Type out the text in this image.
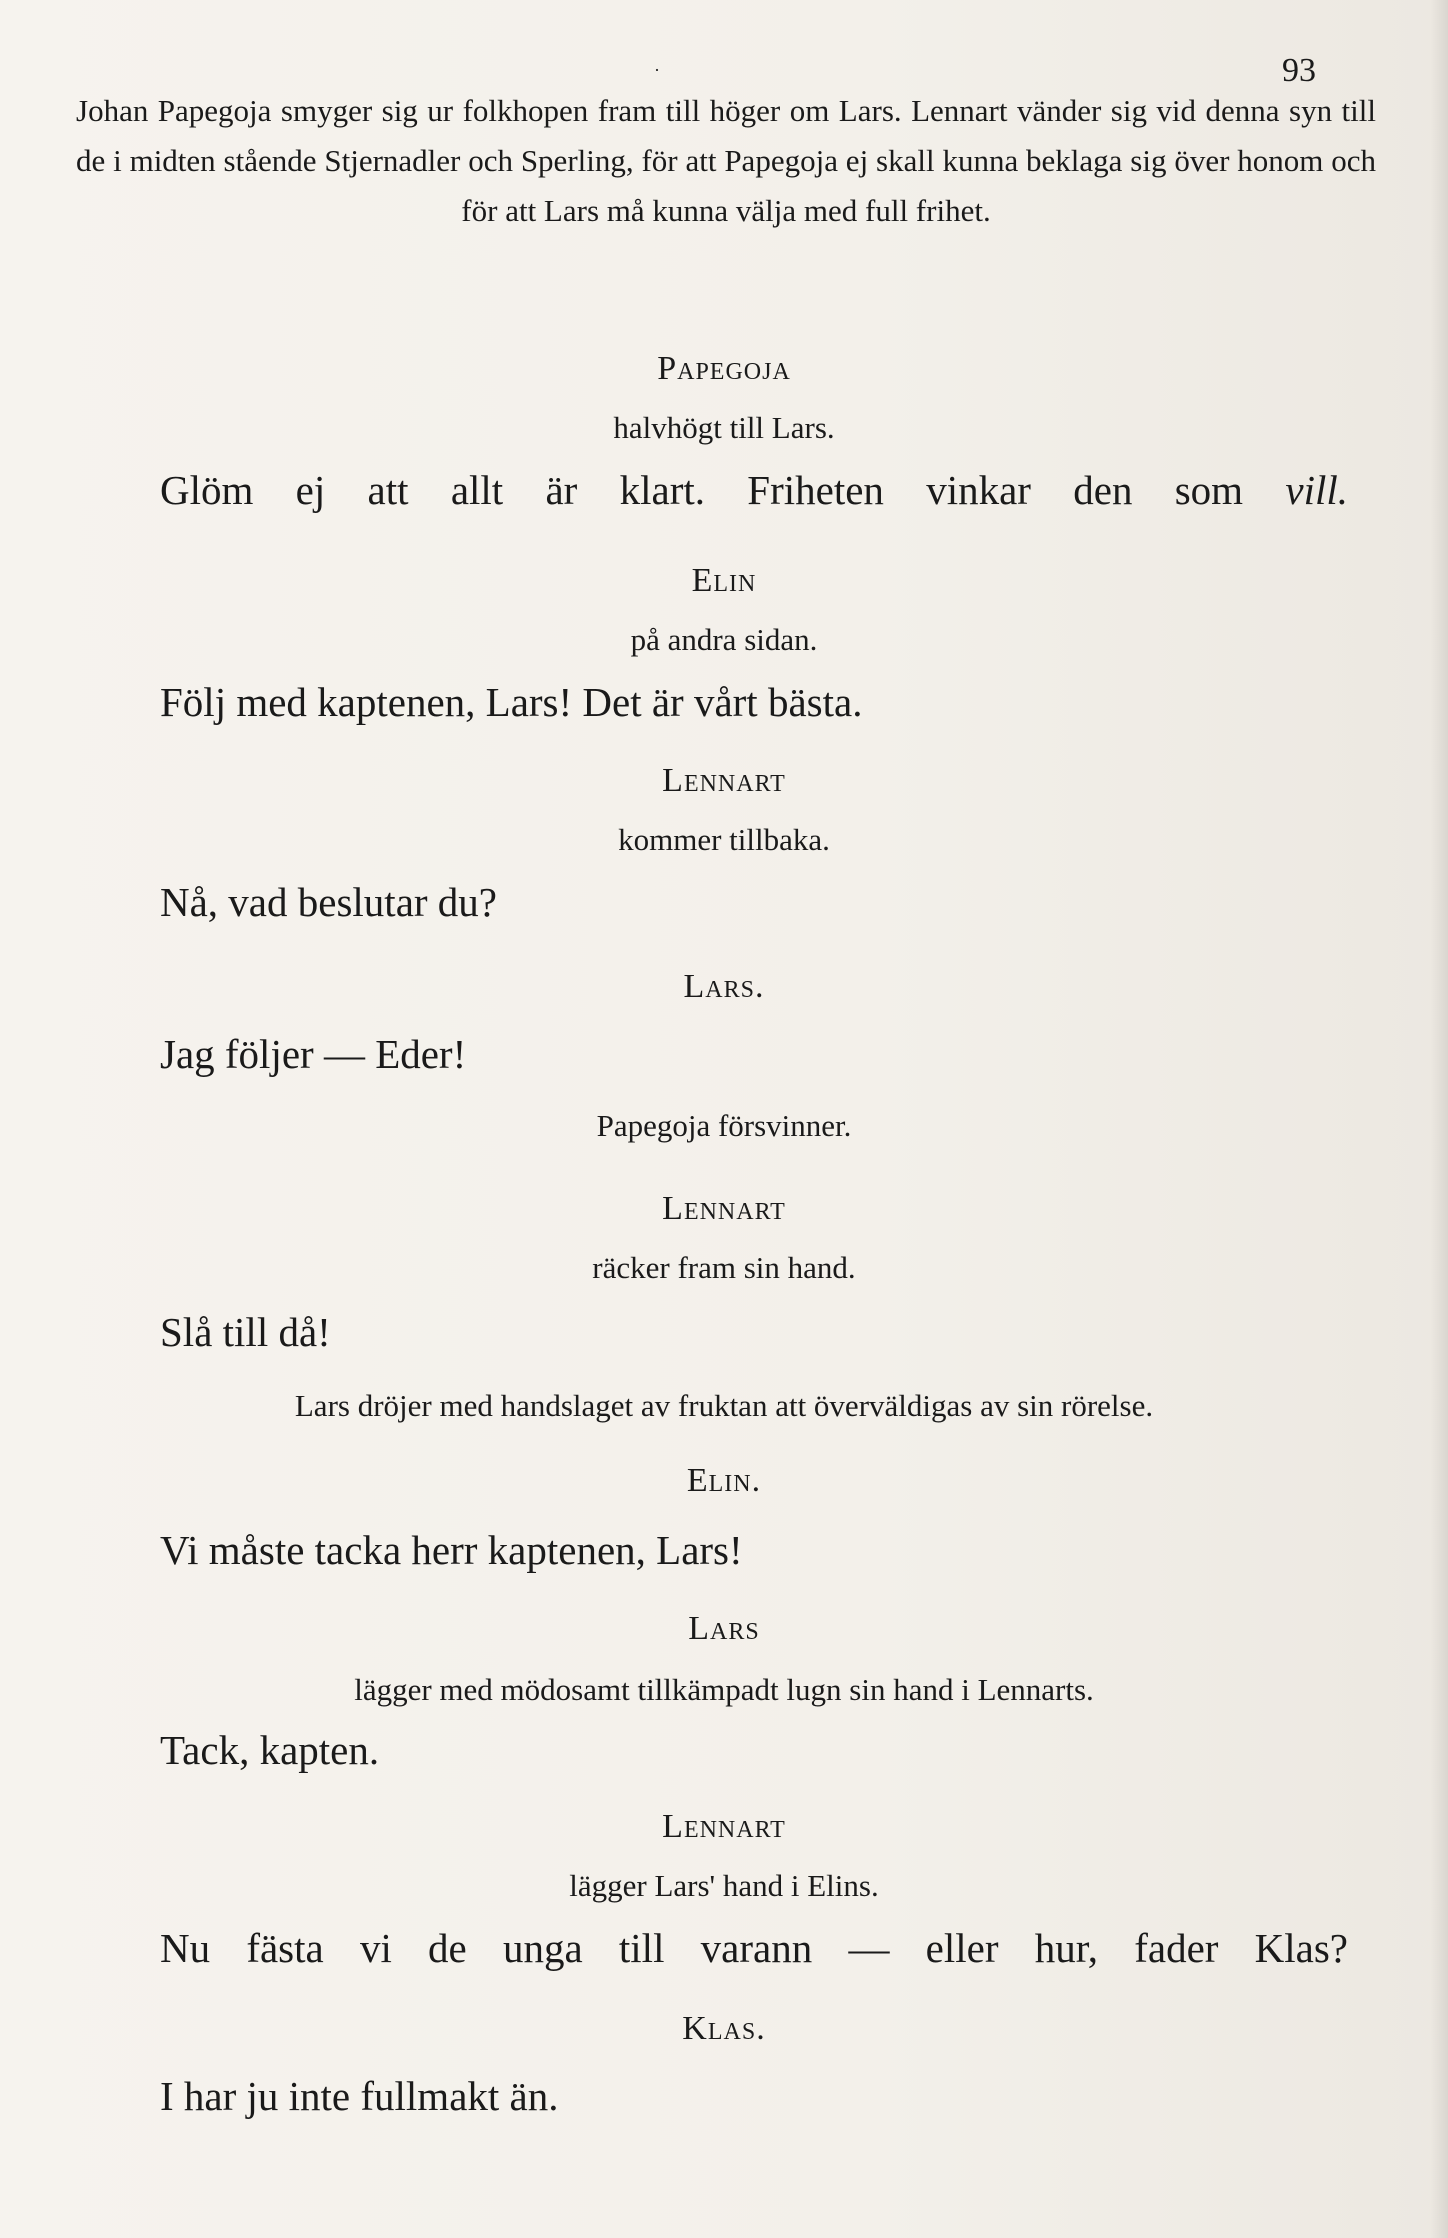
·	93
Johan Papegoja smyger sig ur folkhopen fram till höger om Lars. Lennart vänder sig vid denna syn till de i midten stående Stjernadler och Sperling, för att Papegoja ej skall kunna beklaga sig över honom och för att Lars må kunna välja med full frihet.
Papegoja
halvhögt till Lars.
Glöm ej att allt är klart. Friheten vinkar den som vill.
Elin
på andra sidan.
Följ med kaptenen, Lars! Det är vårt bästa.
Lennart
kommer tillbaka.
Nå, vad beslutar du?
Lars.
Jag följer — Eder!
Papegoja försvinner.
Lennart
räcker fram sin hand.
Slå till då!
Lars dröjer med handslaget av fruktan att överväldigas av sin rörelse.
Elin.
Vi måste tacka herr kaptenen, Lars!
Lars
lägger med mödosamt tillkämpadt lugn sin hand i Lennarts.
Tack, kapten.
Lennart
lägger Lars' hand i Elins.
Nu fästa vi de unga till varann — eller hur, fader Klas?
Klas.
I har ju inte fullmakt än.
